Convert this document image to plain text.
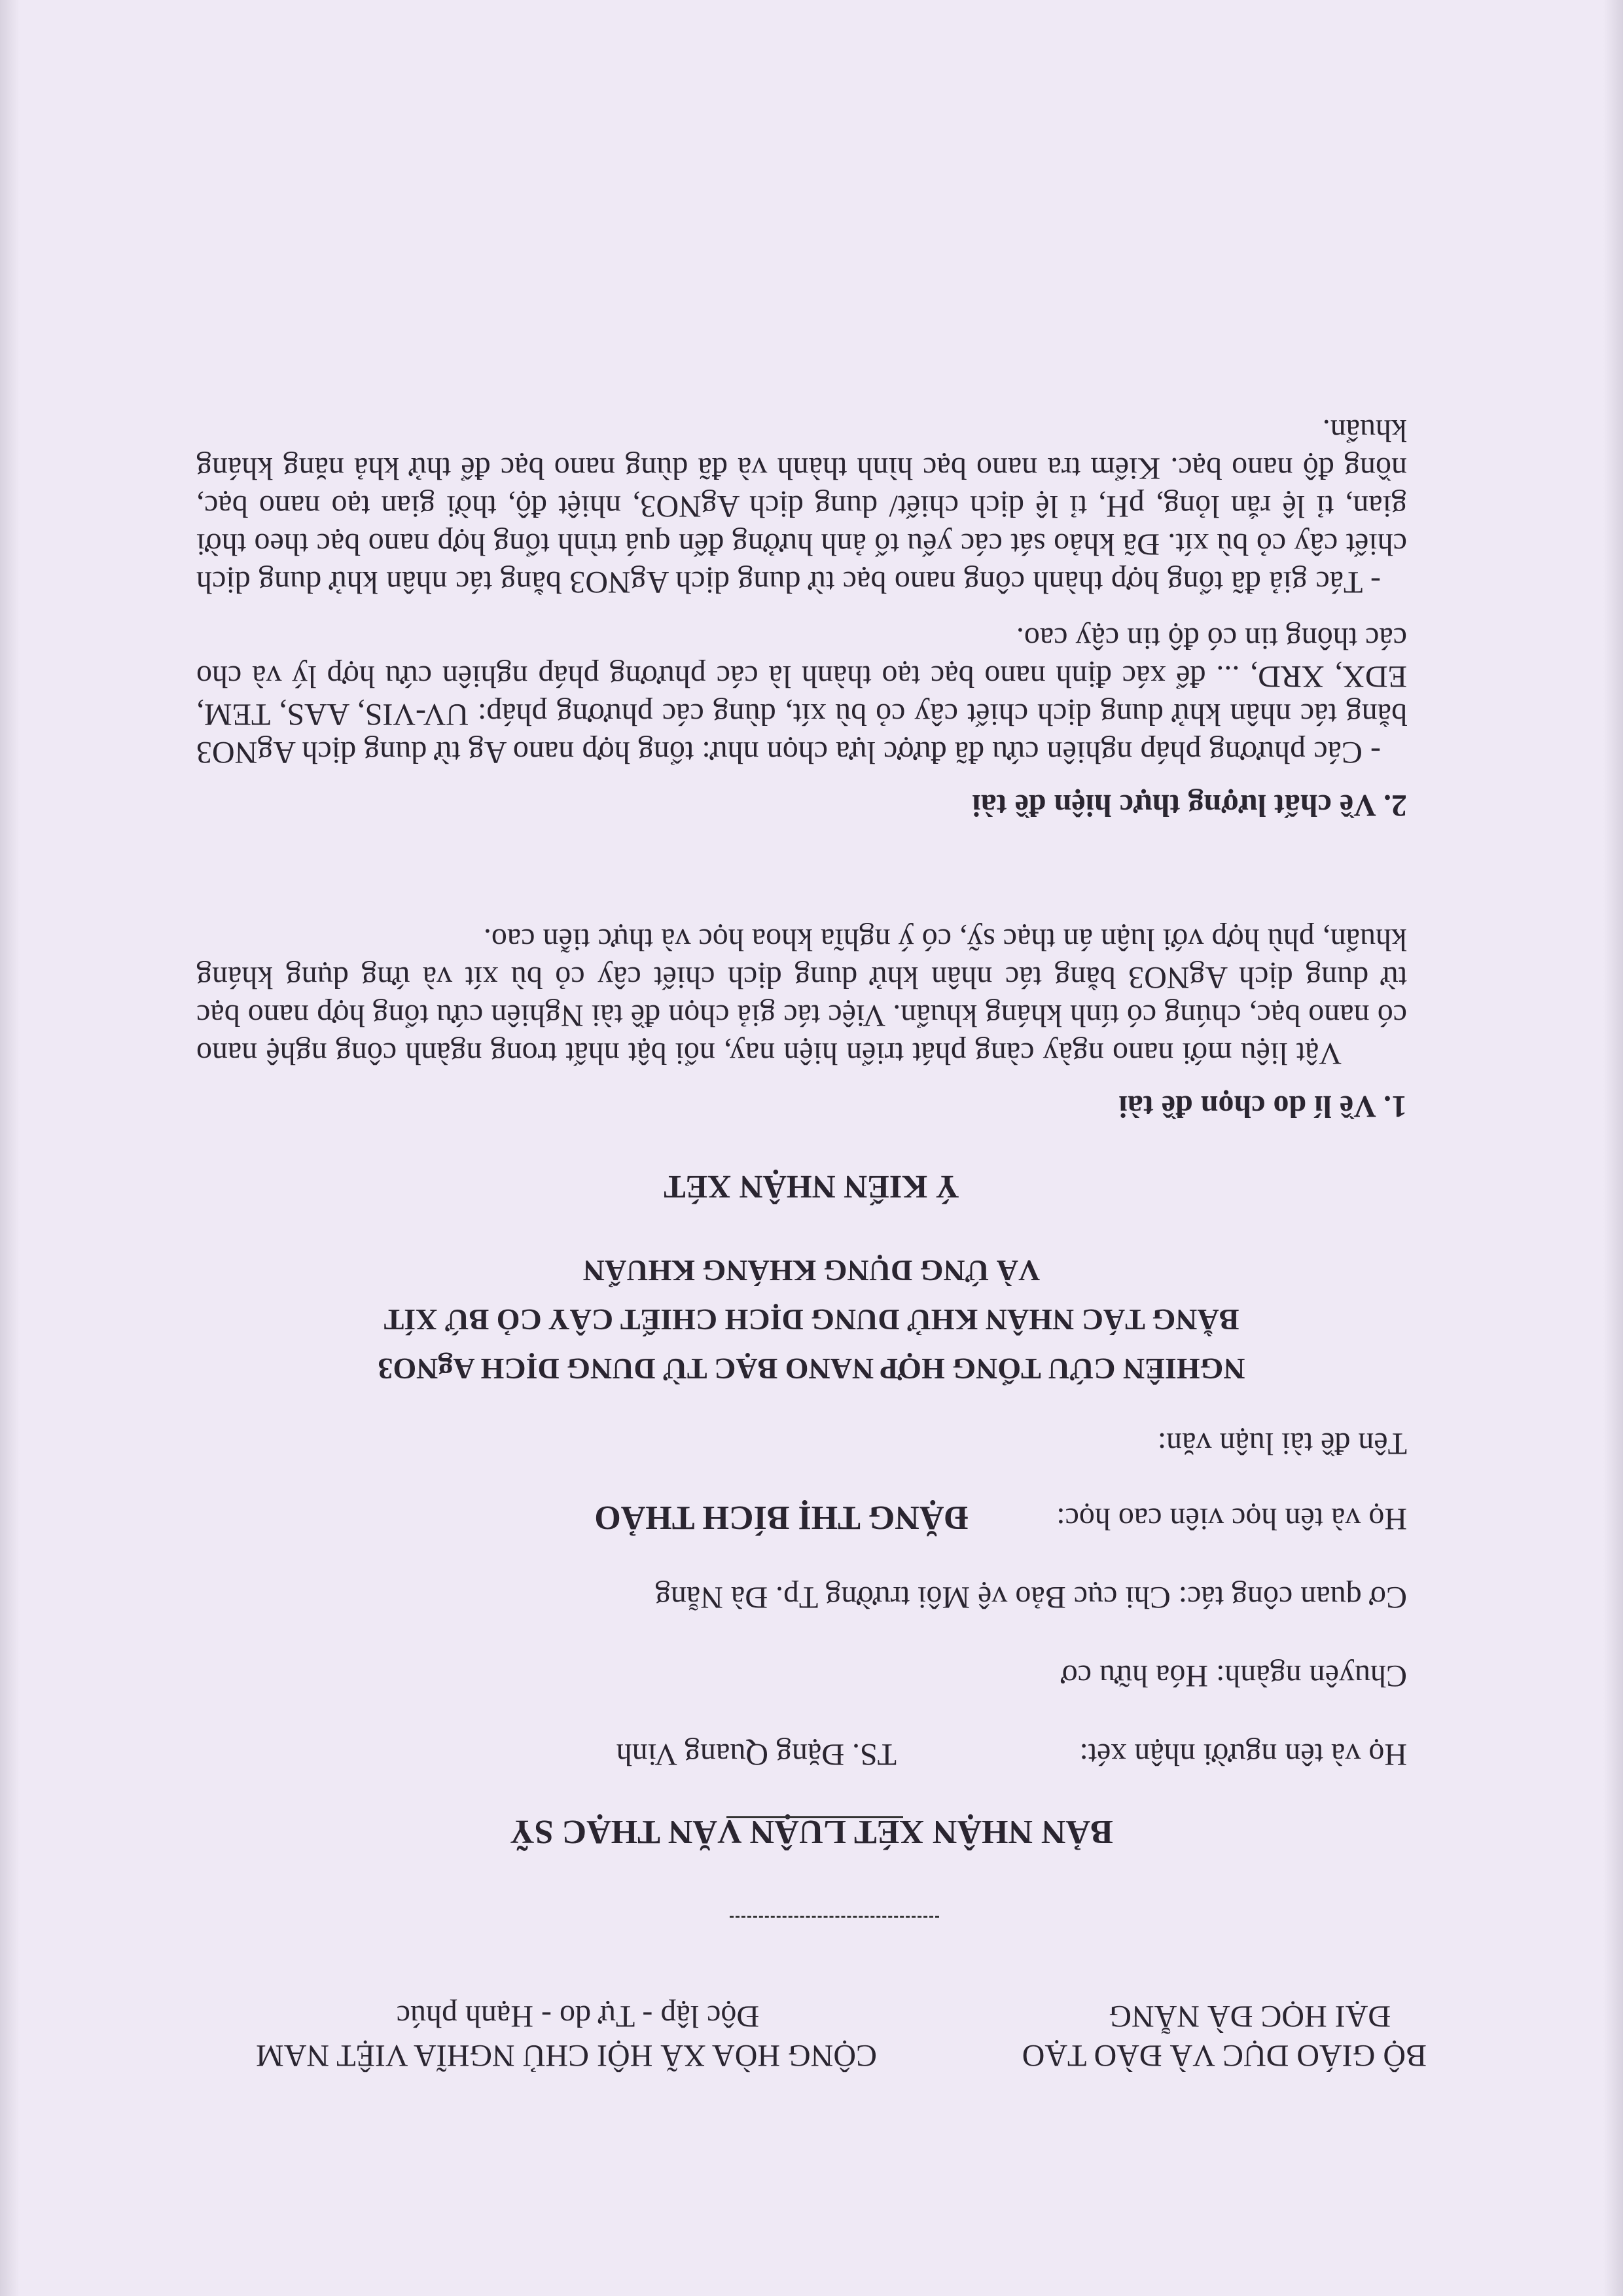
BỘ GIÁO DỤC VÀ ĐÀO TẠO
ĐẠI HỌC ĐÀ NẴNG
CỘNG HÒA XÃ HỘI CHỦ NGHĨA VIỆT NAM
Độc lập - Tự do - Hạnh phúc
BẢN NHẬN XÉT LUẬN VĂN THẠC SỸ
Họ và tên người nhận xét:
TS. Đặng Quang Vinh
Chuyên ngành: Hóa hữu cơ
Cơ quan công tác: Chi cục Bảo vệ Môi trường Tp. Đà Nẵng
Họ và tên học viên cao học:
ĐẶNG THỊ BÍCH THẢO
Tên đề tài luận văn:
NGHIÊN CỨU TỔNG HỢP NANO BẠC TỪ DUNG DỊCH AgNO3
BẰNG TÁC NHÂN KHỬ DUNG DỊCH CHIẾT CÂY CỎ BỨ XÍT
VÀ ỨNG DỤNG KHÁNG KHUẨN
Ý KIẾN NHẬN XÉT
1. Về lí do chọn đề tài
Vật liệu mới nano ngày càng phát triển hiện nay, nổi bật nhất trong ngành công nghệ nano có nano bạc, chúng có tính kháng khuẩn. Việc tác giả chọn đề tài Nghiên cứu tổng hợp nano bạc từ dung dịch AgNO3 bằng tác nhân khử dung dịch chiết cây cỏ bù xít và ứng dụng kháng khuẩn, phù hợp với luận án thạc sỹ, có ý nghĩa khoa học và thực tiễn cao.
2. Về chất lượng thực hiện đề tài
- Các phương pháp nghiên cứu đã được lựa chọn như: tổng hợp nano Ag từ dung dịch AgNO3 bằng tác nhân khử dung dịch chiết cây cỏ bù xít, dùng các phương pháp: UV-VIS, AAS, TEM, EDX, XRD, ... để xác định nano bạc tạo thành là các phương pháp nghiên cứu hợp lý và cho các thông tin có độ tin cậy cao.
- Tác giả đã tổng hợp thành công nano bạc từ dung dịch AgNO3 bằng tác nhân khử dung dịch chiết cây cỏ bù xít. Đã khảo sát các yếu tố ảnh hưởng đến quá trình tổng hợp nano bạc theo thời gian, tỉ lệ rắn lỏng, pH, tỉ lệ dịch chiết/ dung dịch AgNO3, nhiệt độ, thời gian tạo nano bạc, nồng độ nano bạc. Kiểm tra nano bạc hình thành và đã dùng nano bạc để thử khả năng kháng khuẩn.
